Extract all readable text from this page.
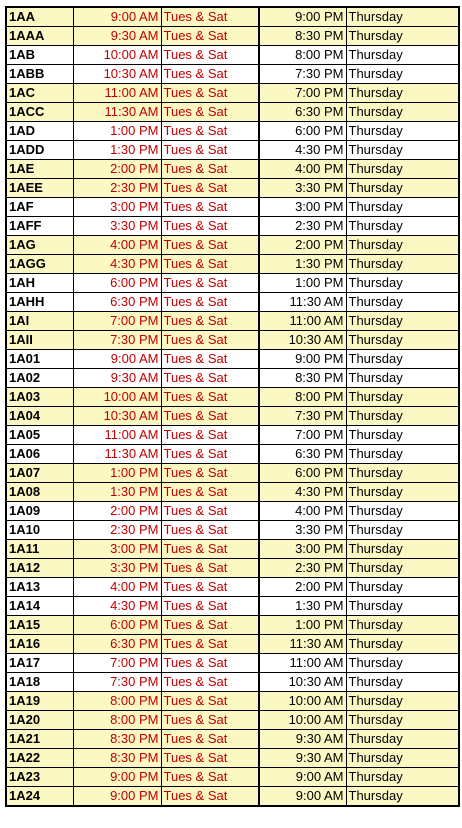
1AA	9:00 AM	Tues & Sat	9:00 PM	Thursday
1AAA	9:30 AM	Tues & Sat	8:30 PM	Thursday
1AB	10:00 AM	Tues & Sat	8:00 PM	Thursday
1ABB	10:30 AM	Tues & Sat	7:30 PM	Thursday
1AC	11:00 AM	Tues & Sat	7:00 PM	Thursday
1ACC	11:30 AM	Tues & Sat	6:30 PM	Thursday
1AD	1:00 PM	Tues & Sat	6:00 PM	Thursday
1ADD	1:30 PM	Tues & Sat	4:30 PM	Thursday
1AE	2:00 PM	Tues & Sat	4:00 PM	Thursday
1AEE	2:30 PM	Tues & Sat	3:30 PM	Thursday
1AF	3:00 PM	Tues & Sat	3:00 PM	Thursday
1AFF	3:30 PM	Tues & Sat	2:30 PM	Thursday
1AG	4:00 PM	Tues & Sat	2:00 PM	Thursday
1AGG	4:30 PM	Tues & Sat	1:30 PM	Thursday
1AH	6:00 PM	Tues & Sat	1:00 PM	Thursday
1AHH	6:30 PM	Tues & Sat	11:30 AM	Thursday
1AI	7:00 PM	Tues & Sat	11:00 AM	Thursday
1AII	7:30 PM	Tues & Sat	10:30 AM	Thursday
1A01	9:00 AM	Tues & Sat	9:00 PM	Thursday
1A02	9:30 AM	Tues & Sat	8:30 PM	Thursday
1A03	10:00 AM	Tues & Sat	8:00 PM	Thursday
1A04	10:30 AM	Tues & Sat	7:30 PM	Thursday
1A05	11:00 AM	Tues & Sat	7:00 PM	Thursday
1A06	11:30 AM	Tues & Sat	6:30 PM	Thursday
1A07	1:00 PM	Tues & Sat	6:00 PM	Thursday
1A08	1:30 PM	Tues & Sat	4:30 PM	Thursday
1A09	2:00 PM	Tues & Sat	4:00 PM	Thursday
1A10	2:30 PM	Tues & Sat	3:30 PM	Thursday
1A11	3:00 PM	Tues & Sat	3:00 PM	Thursday
1A12	3:30 PM	Tues & Sat	2:30 PM	Thursday
1A13	4:00 PM	Tues & Sat	2:00 PM	Thursday
1A14	4:30 PM	Tues & Sat	1:30 PM	Thursday
1A15	6:00 PM	Tues & Sat	1:00 PM	Thursday
1A16	6:30 PM	Tues & Sat	11:30 AM	Thursday
1A17	7:00 PM	Tues & Sat	11:00 AM	Thursday
1A18	7:30 PM	Tues & Sat	10:30 AM	Thursday
1A19	8:00 PM	Tues & Sat	10:00 AM	Thursday
1A20	8:00 PM	Tues & Sat	10:00 AM	Thursday
1A21	8:30 PM	Tues & Sat	9:30 AM	Thursday
1A22	8:30 PM	Tues & Sat	9:30 AM	Thursday
1A23	9:00 PM	Tues & Sat	9:00 AM	Thursday
1A24	9:00 PM	Tues & Sat	9:00 AM	Thursday
